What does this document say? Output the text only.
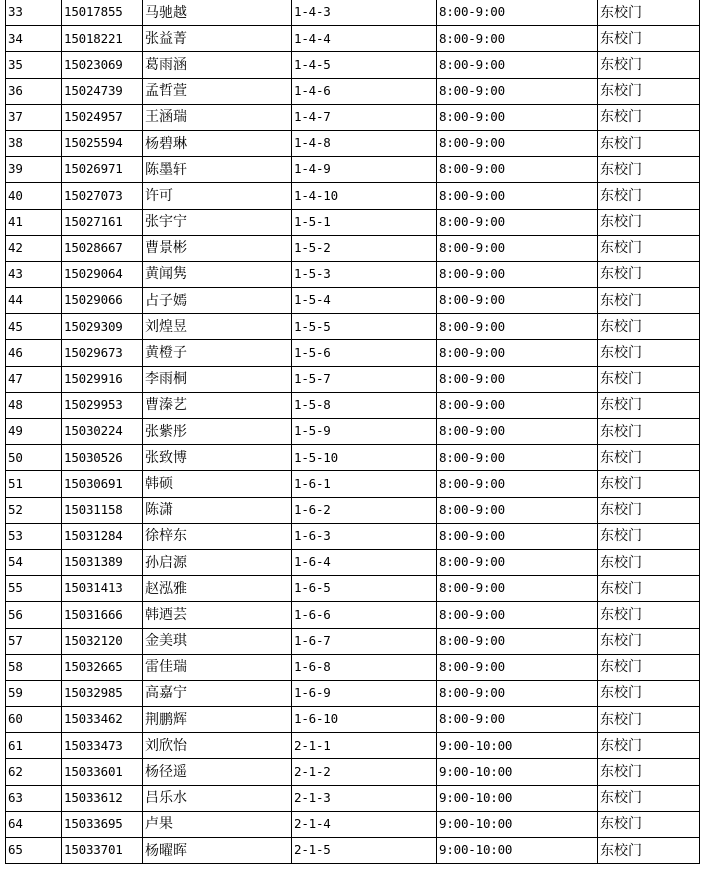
33	15017855	马驰越	1-4-3	8:00-9:00	东校门
34	15018221	张益菁	1-4-4	8:00-9:00	东校门
35	15023069	葛雨涵	1-4-5	8:00-9:00	东校门
36	15024739	孟哲萱	1-4-6	8:00-9:00	东校门
37	15024957	王涵瑞	1-4-7	8:00-9:00	东校门
38	15025594	杨碧琳	1-4-8	8:00-9:00	东校门
39	15026971	陈墨轩	1-4-9	8:00-9:00	东校门
40	15027073	许可	1-4-10	8:00-9:00	东校门
41	15027161	张宇宁	1-5-1	8:00-9:00	东校门
42	15028667	曹景彬	1-5-2	8:00-9:00	东校门
43	15029064	黄闻隽	1-5-3	8:00-9:00	东校门
44	15029066	占子嫣	1-5-4	8:00-9:00	东校门
45	15029309	刘煌昱	1-5-5	8:00-9:00	东校门
46	15029673	黄橙子	1-5-6	8:00-9:00	东校门
47	15029916	李雨桐	1-5-7	8:00-9:00	东校门
48	15029953	曹溱艺	1-5-8	8:00-9:00	东校门
49	15030224	张紫彤	1-5-9	8:00-9:00	东校门
50	15030526	张致博	1-5-10	8:00-9:00	东校门
51	15030691	韩硕	1-6-1	8:00-9:00	东校门
52	15031158	陈潇	1-6-2	8:00-9:00	东校门
53	15031284	徐梓东	1-6-3	8:00-9:00	东校门
54	15031389	孙启源	1-6-4	8:00-9:00	东校门
55	15031413	赵泓雅	1-6-5	8:00-9:00	东校门
56	15031666	韩迺芸	1-6-6	8:00-9:00	东校门
57	15032120	金美琪	1-6-7	8:00-9:00	东校门
58	15032665	雷佳瑞	1-6-8	8:00-9:00	东校门
59	15032985	高嘉宁	1-6-9	8:00-9:00	东校门
60	15033462	荆鹏辉	1-6-10	8:00-9:00	东校门
61	15033473	刘欣怡	2-1-1	9:00-10:00	东校门
62	15033601	杨径遥	2-1-2	9:00-10:00	东校门
63	15033612	吕乐水	2-1-3	9:00-10:00	东校门
64	15033695	卢果	2-1-4	9:00-10:00	东校门
65	15033701	杨曜晖	2-1-5	9:00-10:00	东校门
